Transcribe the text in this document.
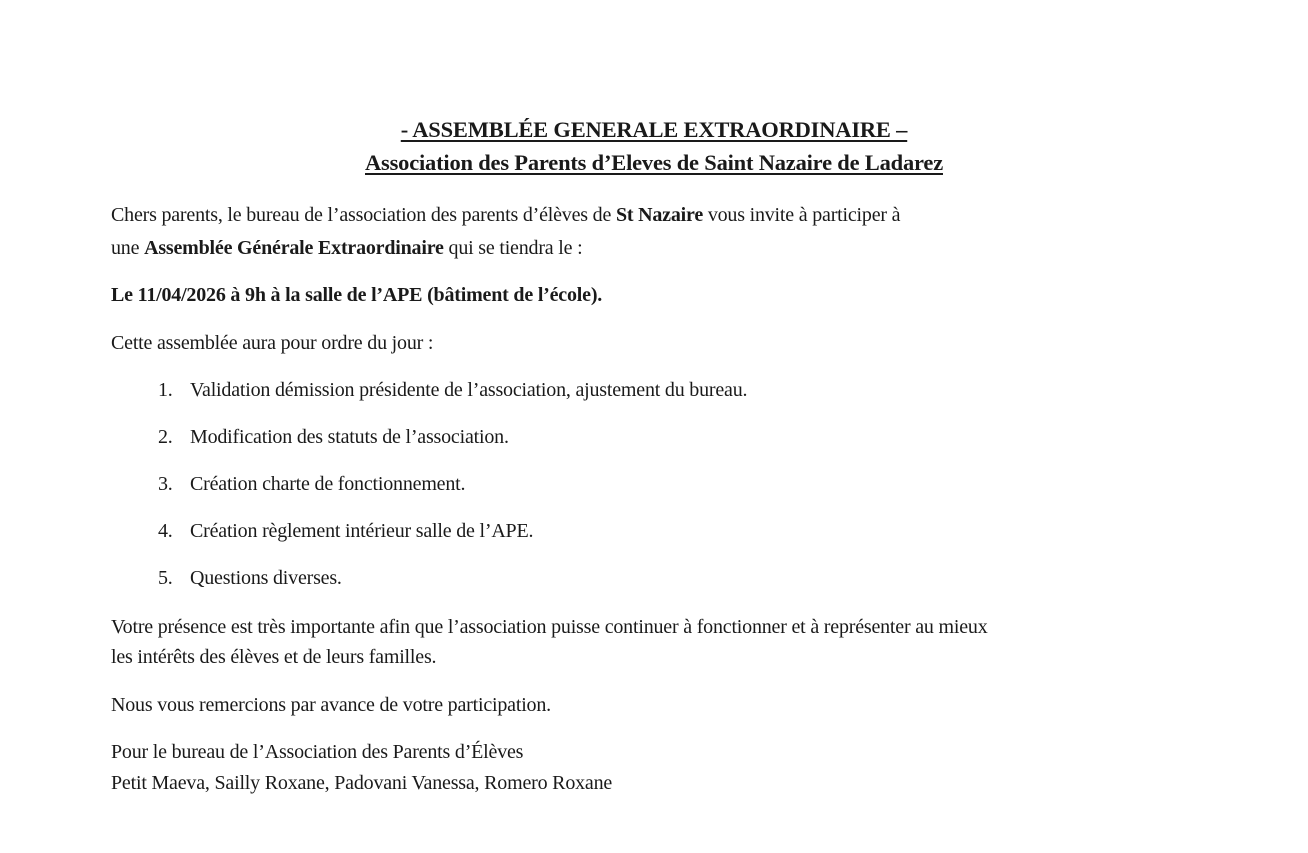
- ASSEMBLÉE GENERALE EXTRAORDINAIRE –
Association des Parents d’Eleves de Saint Nazaire de Ladarez
Chers parents, le bureau de l’association des parents d’élèves de St Nazaire vous invite à participer à
une Assemblée Générale Extraordinaire qui se tiendra le :
Le 11/04/2026 à 9h à la salle de l’APE (bâtiment de l’école).
Cette assemblée aura pour ordre du jour :
1. Validation démission présidente de l’association, ajustement du bureau.
2. Modification des statuts de l’association.
3. Création charte de fonctionnement.
4. Création règlement intérieur salle de l’APE.
5. Questions diverses.
Votre présence est très importante afin que l’association puisse continuer à fonctionner et à représenter au mieux
les intérêts des élèves et de leurs familles.
Nous vous remercions par avance de votre participation.
Pour le bureau de l’Association des Parents d’Élèves
Petit Maeva, Sailly Roxane, Padovani Vanessa, Romero Roxane
